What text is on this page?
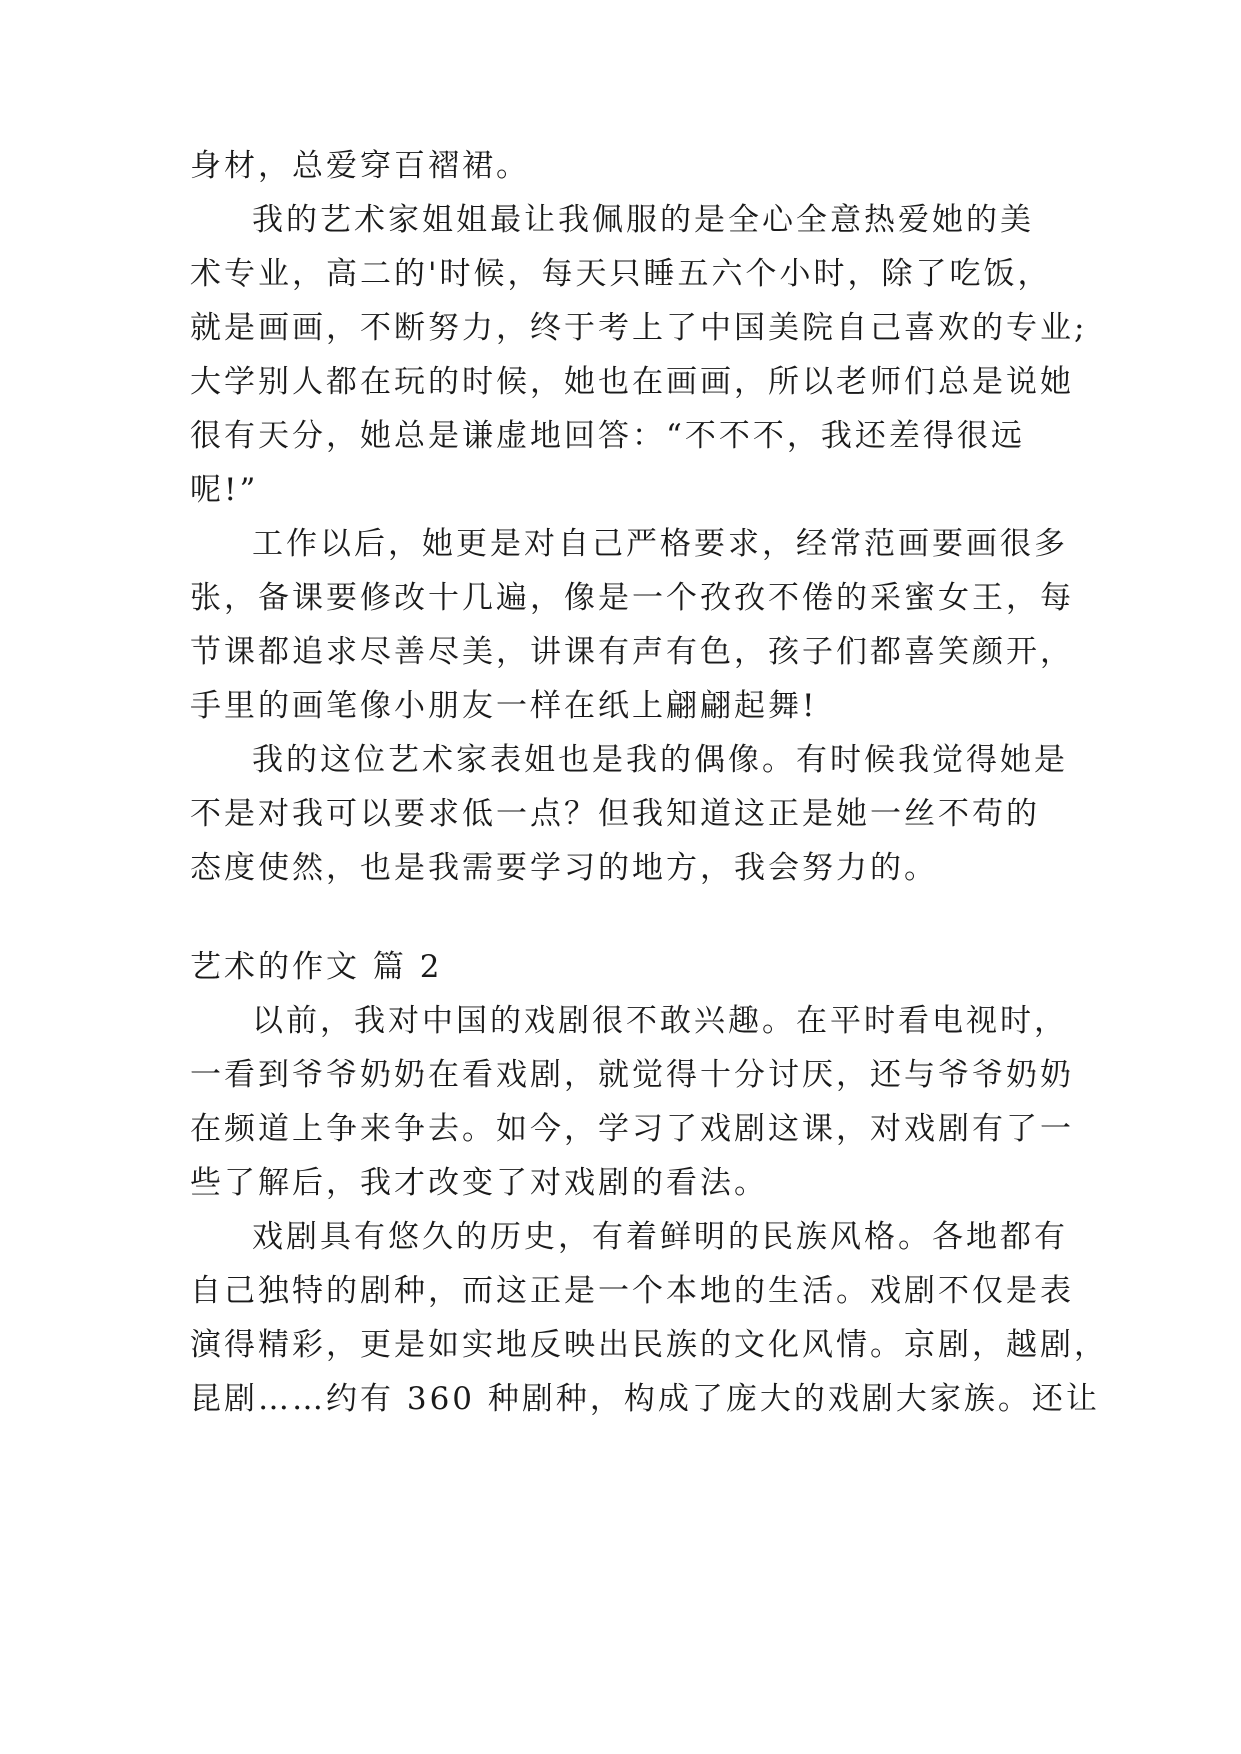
身材，总爱穿百褶裙。
我的艺术家姐姐最让我佩服的是全心全意热爱她的美
术专业，高二的'时候，每天只睡五六个小时，除了吃饭，
就是画画，不断努力，终于考上了中国美院自己喜欢的专业;
大学别人都在玩的时候，她也在画画，所以老师们总是说她
很有天分，她总是谦虚地回答：“不不不，我还差得很远
呢!”
工作以后，她更是对自己严格要求，经常范画要画很多
张，备课要修改十几遍，像是一个孜孜不倦的采蜜女王，每
节课都追求尽善尽美，讲课有声有色，孩子们都喜笑颜开，
手里的画笔像小朋友一样在纸上翩翩起舞!
我的这位艺术家表姐也是我的偶像。有时候我觉得她是
不是对我可以要求低一点？但我知道这正是她一丝不苟的
态度使然，也是我需要学习的地方，我会努力的。
艺术的作文 篇 2
以前，我对中国的戏剧很不敢兴趣。在平时看电视时，
一看到爷爷奶奶在看戏剧，就觉得十分讨厌，还与爷爷奶奶
在频道上争来争去。如今，学习了戏剧这课，对戏剧有了一
些了解后，我才改变了对戏剧的看法。
戏剧具有悠久的历史，有着鲜明的民族风格。各地都有
自己独特的剧种，而这正是一个本地的生活。戏剧不仅是表
演得精彩，更是如实地反映出民族的文化风情。京剧，越剧，
昆剧……约有 360 种剧种，构成了庞大的戏剧大家族。还让
